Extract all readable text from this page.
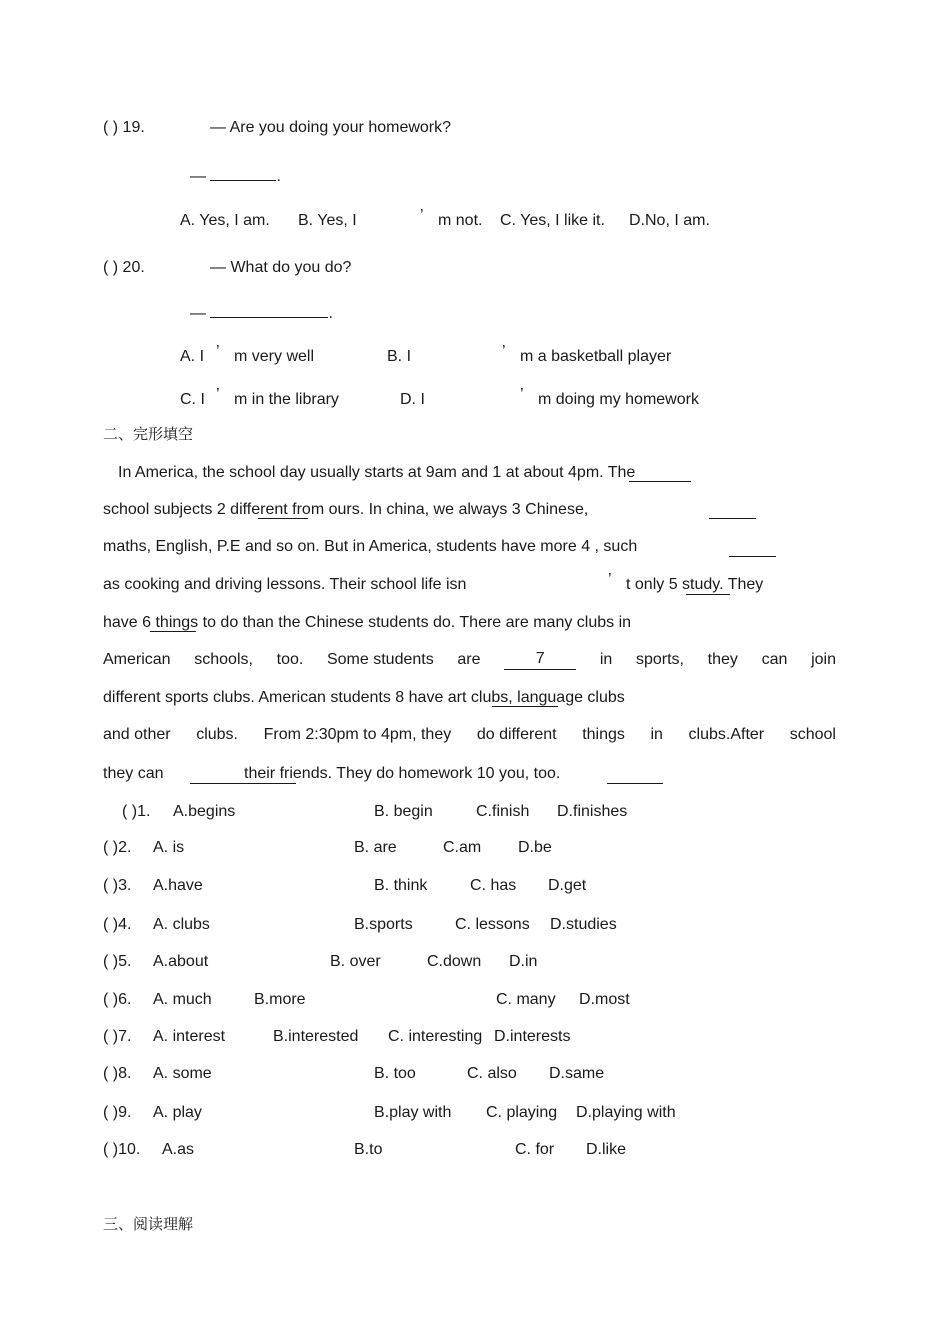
( ) 19.	— Are you doing your homework?
—	.
A. Yes, I am. B. Yes, I	’ m not. C. Yes, I like it. D.No, I am.
( ) 20.	— What do you do?
—	.
A. I ’ m very well	B. I	’ m a basketball player
C. I ’ m in the library	D. I	’ m doing my homework
二、完形填空
In America, the school day usually starts at 9am and 1 at about 4pm. The
school subjects 2 different from ours. In china, we always 3 Chinese,
maths, English, P.E and so on. But in America, students have more 4 , such
as cooking and driving lessons. Their school life isn	’ t only 5 study. They
have 6 things to do than the Chinese students do. There are many clubs in
American schools, too. Some students are	7	in sports, they can join
different sports clubs. American students 8 have art clubs, language clubs
and other clubs. From 2:30pm to 4pm, they do different things in clubs.After school
they can	their friends. They do homework 10 you, too.
( )1. A.begins	B. begin	C.finish D.finishes
( )2. A. is	B. are	C.am D.be
( )3. A.have	B. think	C. has D.get
( )4. A. clubs	B.sports	C. lessons D.studies
( )5. A.about	B. over	C.down D.in
( )6. A. much	B.more	C. many D.most
( )7. A. interest	B.interested C. interesting D.interests
( )8. A. some	B. too	C. also D.same
( )9. A. play	B.play with C. playing D.playing with
( )10. A.as	B.to	C. for D.like
三、阅读理解
